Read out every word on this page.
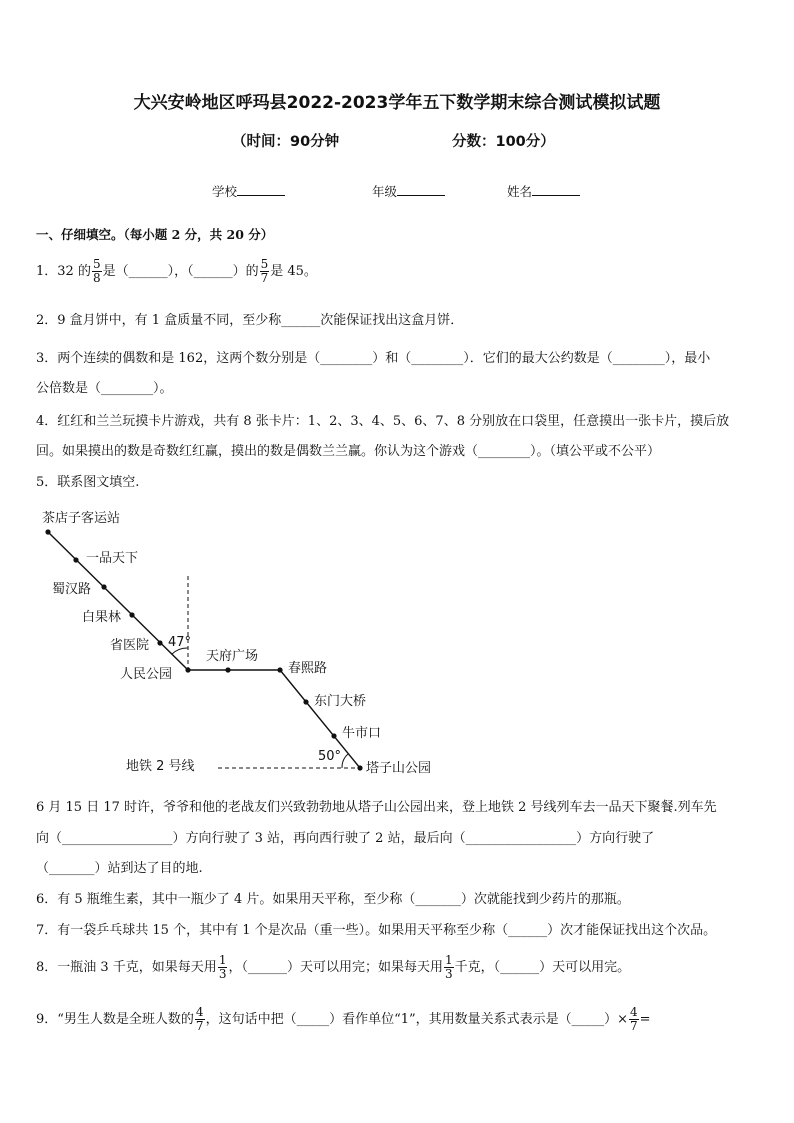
大兴安岭地区呼玛县2022-2023学年五下数学期末综合测试模拟试题
（时间：90分钟	分数：100分）
学校	年级	姓名
一、仔细填空。（每小题 2 分，共 20 分）
1．32 的 $\frac{5}{8}$ 是（______），（______）的 $\frac{5}{7}$ 是 45。
2．9 盒月饼中，有 1 盒质量不同，至少称______次能保证找出这盒月饼．
3．两个连续的偶数和是 162，这两个数分别是（________）和（________）．它们的最大公约数是（________），最小
公倍数是（________）。
4．红红和兰兰玩摸卡片游戏，共有 8 张卡片：1、2、3、4、5、6、7、8 分别放在口袋里，任意摸出一张卡片，摸后放
回。如果摸出的数是奇数红红赢，摸出的数是偶数兰兰赢。你认为这个游戏（________）。（填公平或不公平）
5．联系图文填空.
茶店子客运站
一品天下
蜀汉路
白果林
省医院
人民公园
天府广场
春熙路
东门大桥
牛市口
塔子山公园
47°
50°
地铁 2 号线
6 月 15 日 17 时许，爷爷和他的老战友们兴致勃勃地从塔子山公园出来，登上地铁 2 号线列车去一品天下聚餐.列车先
向（_________________）方向行驶了 3 站，再向西行驶了 2 站，最后向（_________________）方向行驶了
（_______）站到达了目的地.
6．有 5 瓶维生素，其中一瓶少了 4 片。如果用天平称，至少称（_______）次就能找到少药片的那瓶。
7．有一袋乒乓球共 15 个，其中有 1 个是次品（重一些）。如果用天平称至少称（______）次才能保证找出这个次品。
8．一瓶油 3 千克，如果每天用 $\frac{1}{3}$ ，（______）天可以用完；如果每天用 $\frac{1}{3}$ 千克，（______）天可以用完。
9．“男生人数是全班人数的 $\frac{4}{7}$ ，这句话中把（_____）看作单位“1”，其用数量关系式表示是（_____）× $\frac{4}{7}$ =
